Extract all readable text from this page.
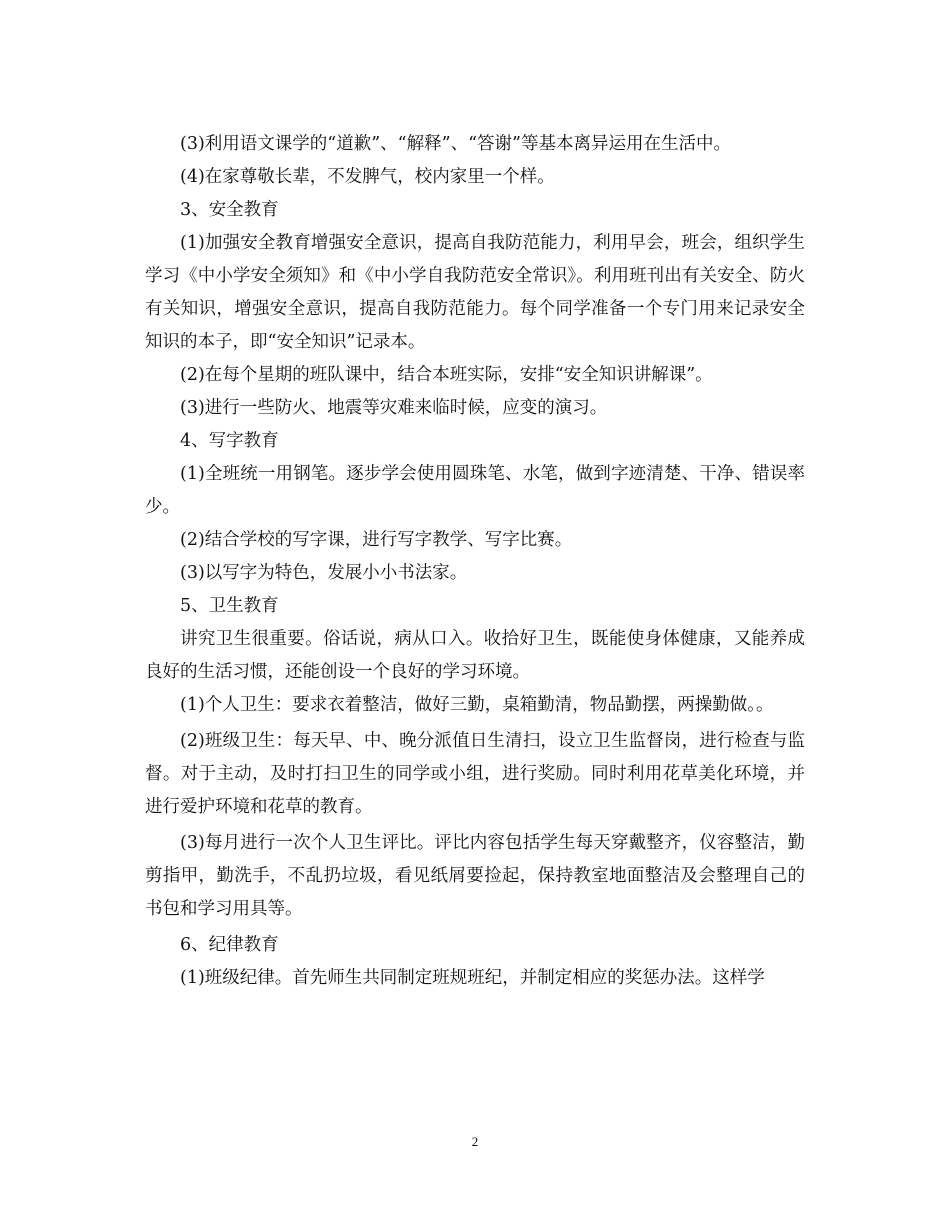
(3)利用语文课学的“道歉”、“解释”、“答谢”等基本离异运用在生活中。

(4)在家尊敬长辈，不发脾气，校内家里一个样。

3、安全教育

(1)加强安全教育增强安全意识，提高自我防范能力，利用早会，班会，组织学生学习《中小学安全须知》和《中小学自我防范安全常识》。利用班刊出有关安全、防火有关知识，增强安全意识，提高自我防范能力。每个同学准备一个专门用来记录安全知识的本子，即“安全知识”记录本。

(2)在每个星期的班队课中，结合本班实际，安排“安全知识讲解课”。

(3)进行一些防火、地震等灾难来临时候，应变的演习。

4、写字教育

(1)全班统一用钢笔。逐步学会使用圆珠笔、水笔，做到字迹清楚、干净、错误率少。

(2)结合学校的写字课，进行写字教学、写字比赛。

(3)以写字为特色，发展小小书法家。

5、卫生教育

讲究卫生很重要。俗话说，病从口入。收拾好卫生，既能使身体健康，又能养成良好的生活习惯，还能创设一个良好的学习环境。

(1)个人卫生：要求衣着整洁，做好三勤，桌箱勤清，物品勤摆，两操勤做。。

(2)班级卫生：每天早、中、晚分派值日生清扫，设立卫生监督岗，进行检查与监督。对于主动，及时打扫卫生的同学或小组，进行奖励。同时利用花草美化环境，并进行爱护环境和花草的教育。

(3)每月进行一次个人卫生评比。评比内容包括学生每天穿戴整齐，仪容整洁，勤剪指甲，勤洗手，不乱扔垃圾，看见纸屑要捡起，保持教室地面整洁及会整理自己的书包和学习用具等。

6、纪律教育

(1)班级纪律。首先师生共同制定班规班纪，并制定相应的奖惩办法。这样学

2
